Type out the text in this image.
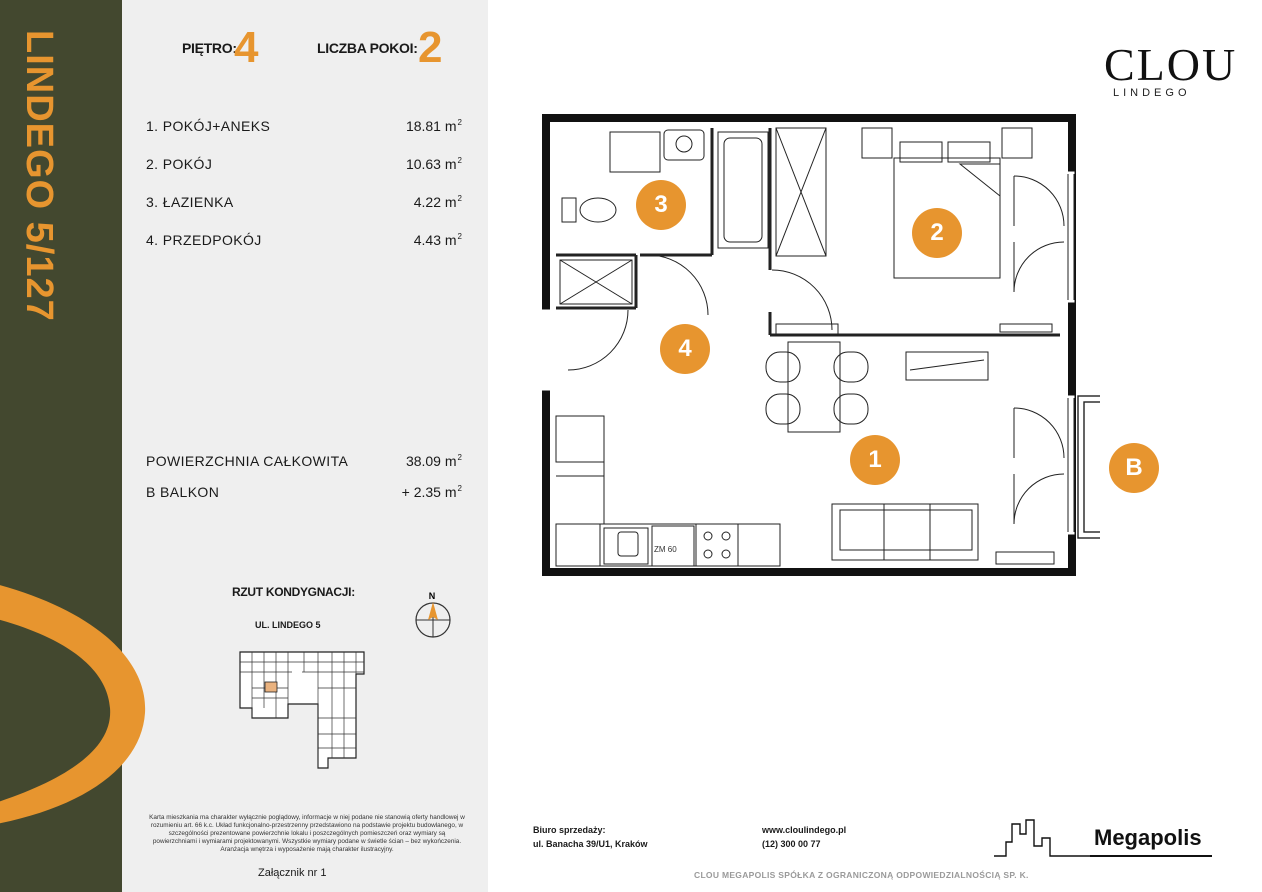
LINDEGO 5/127	PIĘTRO:
4	LICZBA POKOI: 2
1. POKÓJ+ANEKS	18.81 $m^2$
2. POKÓJ	10.63 $m^2$
3. ŁAZIENKA	4.22 $m^2$
4. PRZEDPOKÓJ	4.43 $m^2$
POWIERZCHNIA CAŁKOWITA	38.09 $m^2$
B BALKON	+ 2.35 $m^2$
RZUT KONDYGNACJI:
UL. LINDEGO 5
N
Karta mieszkania ma charakter wyłącznie poglądowy, informacje w niej podane nie stanowią oferty handlowej w rozumieniu art. 66 k.c. Układ funkcjonalno-przestrzenny przedstawiono na podstawie projektu budowlanego, w szczególności prezentowane powierzchnie lokalu i poszczególnych pomieszczeń oraz wymiary są powierzchniami i wymiarami projektowanymi. Wszystkie wymiary podane w świetle ścian – bez wykończenia. Aranżacja wnętrza i wyposażenie mają charakter ilustracyjny.
Załącznik nr 1
CLOU
LINDEGO
ZM 60
3
2
4
1	B
Biuro sprzedaży:
ul. Banacha 39/U1, Kraków
www.cloulindego.pl
(12) 300 00 77	Megapolis
CLOU MEGAPOLIS SPÓŁKA Z OGRANICZONĄ ODPOWIEDZIALNOŚCIĄ SP. K.
